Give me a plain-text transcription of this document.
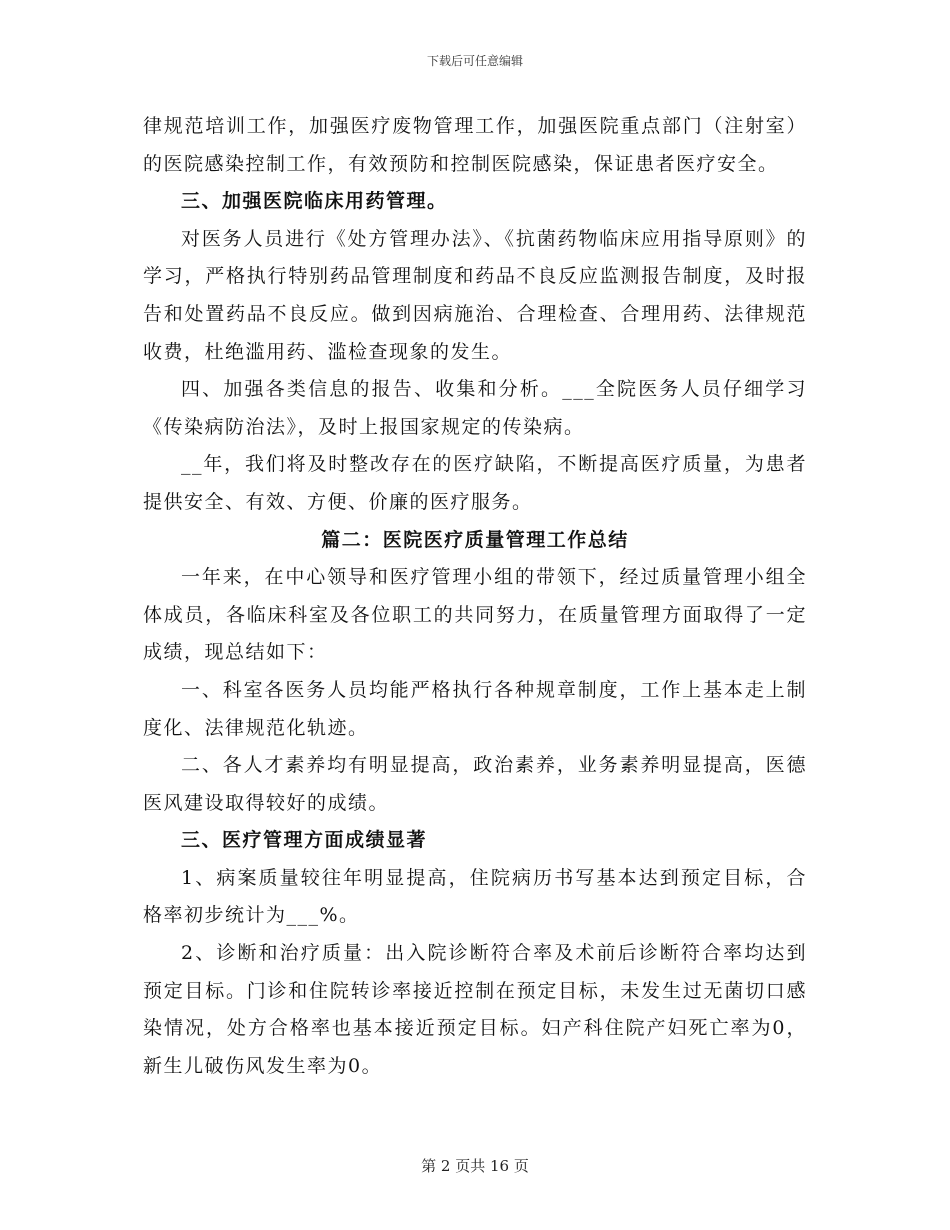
下载后可任意编辑

律规范培训工作，加强医疗废物管理工作，加强医院重点部门（注射室）的医院感染控制工作，有效预防和控制医院感染，保证患者医疗安全。

三、加强医院临床用药管理。

对医务人员进行《处方管理办法》、《抗菌药物临床应用指导原则》的学习，严格执行特别药品管理制度和药品不良反应监测报告制度，及时报告和处置药品不良反应。做到因病施治、合理检查、合理用药、法律规范收费，杜绝滥用药、滥检查现象的发生。

四、加强各类信息的报告、收集和分析。___全院医务人员仔细学习《传染病防治法》，及时上报国家规定的传染病。

__年，我们将及时整改存在的医疗缺陷，不断提高医疗质量，为患者提供安全、有效、方便、价廉的医疗服务。

篇二：医院医疗质量管理工作总结

一年来，在中心领导和医疗管理小组的带领下，经过质量管理小组全体成员，各临床科室及各位职工的共同努力，在质量管理方面取得了一定成绩，现总结如下：

一、科室各医务人员均能严格执行各种规章制度，工作上基本走上制度化、法律规范化轨迹。

二、各人才素养均有明显提高，政治素养，业务素养明显提高，医德医风建设取得较好的成绩。

三、医疗管理方面成绩显著

1、病案质量较往年明显提高，住院病历书写基本达到预定目标，合格率初步统计为___%。

2、诊断和治疗质量：出入院诊断符合率及术前后诊断符合率均达到预定目标。门诊和住院转诊率接近控制在预定目标，未发生过无菌切口感染情况，处方合格率也基本接近预定目标。妇产科住院产妇死亡率为0，新生儿破伤风发生率为0。

第 2 页共 16 页
